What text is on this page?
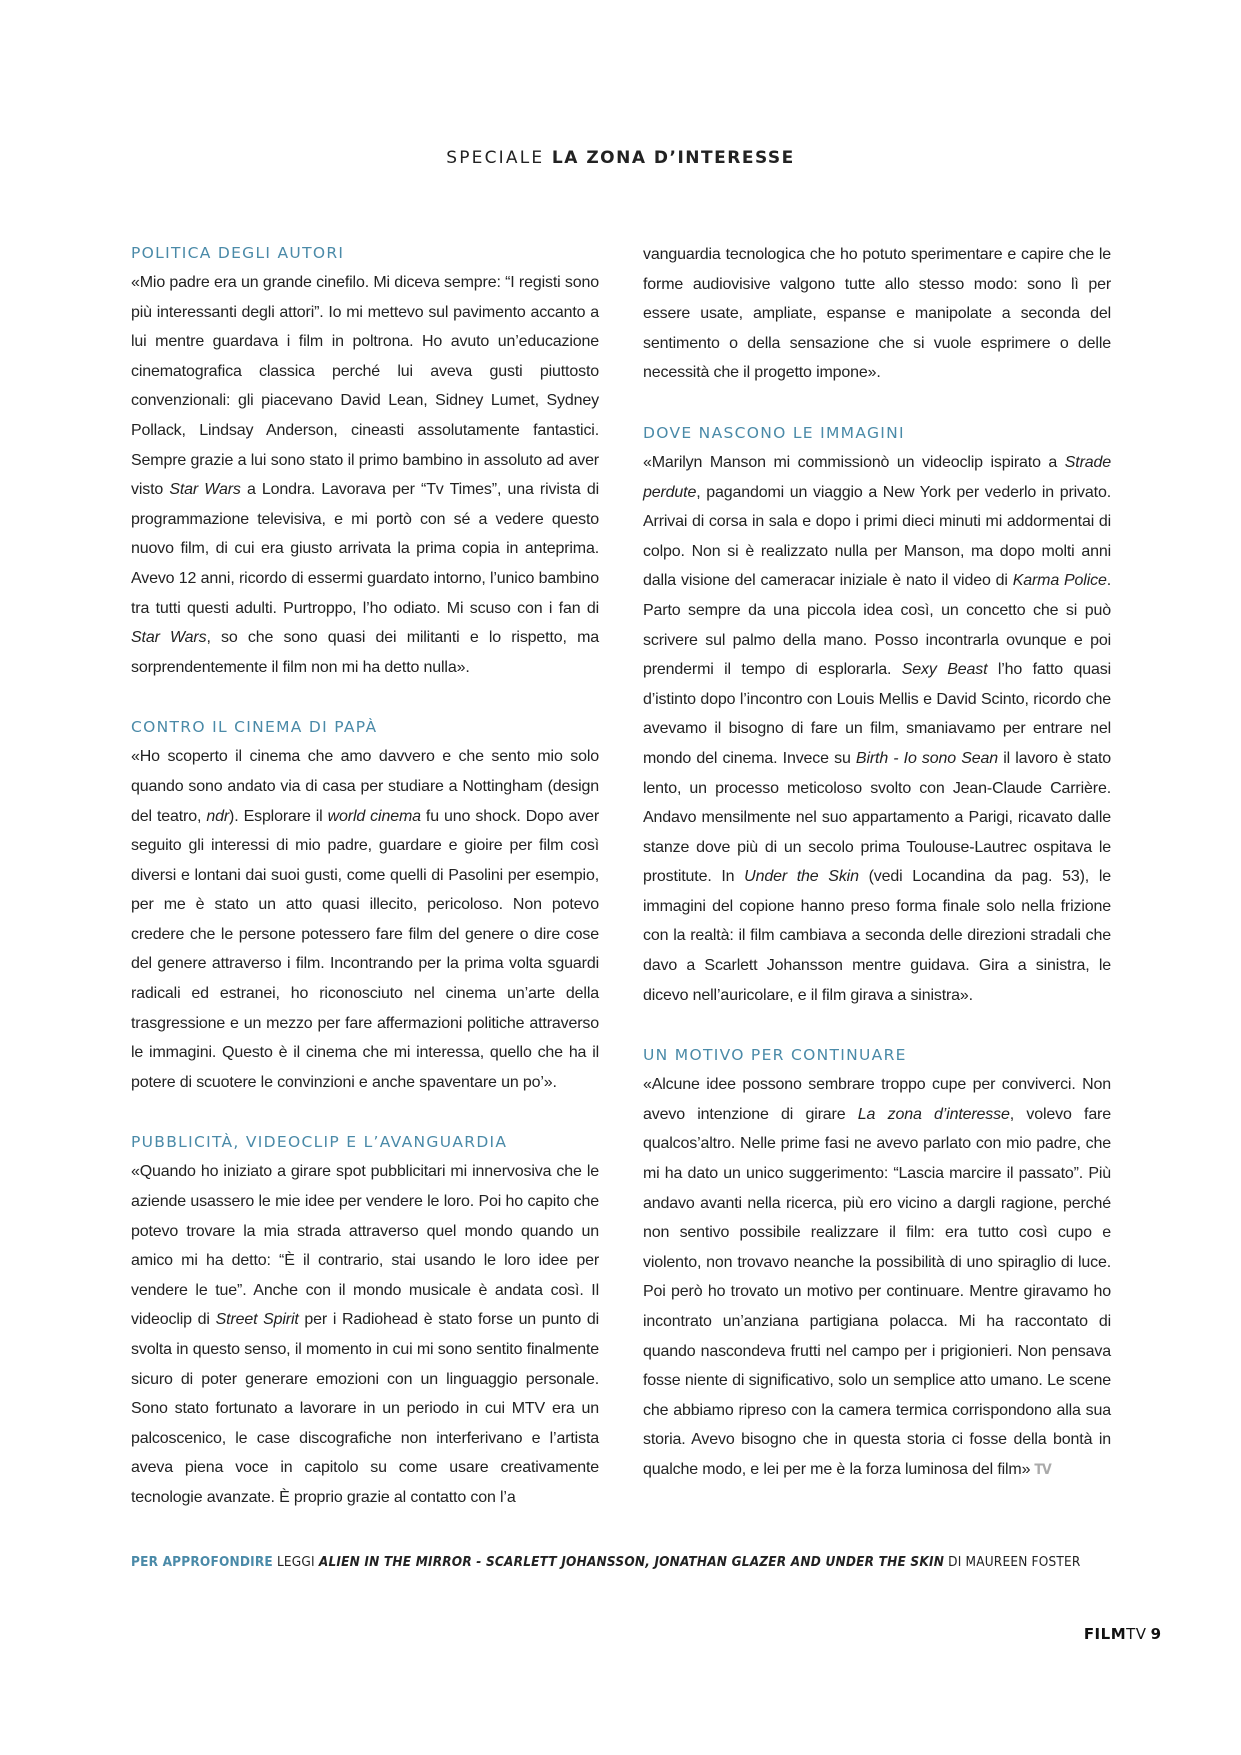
SPECIALE LA ZONA D’INTERESSE
POLITICA DEGLI AUTORI

«Mio padre era un grande cinefilo. Mi diceva sempre: “I registi sono più interessanti degli attori”. Io mi mettevo sul pavimento accanto a lui mentre guardava i film in poltrona. Ho avuto un’educazione cinematografica classica perché lui aveva gusti piuttosto convenzionali: gli piacevano David Lean, Sidney Lumet, Sydney Pollack, Lindsay Anderson, cineasti assolutamente fantastici. Sempre grazie a lui sono stato il primo bambino in assoluto ad aver visto Star Wars a Londra. Lavorava per “Tv Times”, una rivista di programmazione televisiva, e mi portò con sé a vedere questo nuovo film, di cui era giusto arrivata la prima copia in anteprima. Avevo 12 anni, ricordo di essermi guardato intorno, l’unico bambino tra tutti questi adulti. Purtroppo, l’ho odiato. Mi scuso con i fan di Star Wars, so che sono quasi dei militanti e lo rispetto, ma sorprendentemente il film non mi ha detto nulla».

CONTRO IL CINEMA DI PAPÀ

«Ho scoperto il cinema che amo davvero e che sento mio solo quando sono andato via di casa per studiare a Nottingham (design del teatro, ndr). Esplorare il world cinema fu uno shock. Dopo aver seguito gli interessi di mio padre, guardare e gioire per film così diversi e lontani dai suoi gusti, come quelli di Pasolini per esempio, per me è stato un atto quasi illecito, pericoloso. Non potevo credere che le persone potessero fare film del genere o dire cose del genere attraverso i film. Incontrando per la prima volta sguardi radicali ed estranei, ho riconosciuto nel cinema un’arte della trasgressione e un mezzo per fare affermazioni politiche attraverso le immagini. Questo è il cinema che mi interessa, quello che ha il potere di scuotere le convinzioni e anche spaventare un po’».

PUBBLICITÀ, VIDEOCLIP E L’AVANGUARDIA

«Quando ho iniziato a girare spot pubblicitari mi innervosiva che le aziende usassero le mie idee per vendere le loro. Poi ho capito che potevo trovare la mia strada attraverso quel mondo quando un amico mi ha detto: “È il contrario, stai usando le loro idee per vendere le tue”. Anche con il mondo musicale è andata così. Il videoclip di Street Spirit per i Radiohead è stato forse un punto di svolta in questo senso, il momento in cui mi sono sentito finalmente sicuro di poter generare emozioni con un linguaggio personale. Sono stato fortunato a lavorare in un periodo in cui MTV era un palcoscenico, le case discografiche non interferivano e l’artista aveva piena voce in capitolo su come usare creativamente tecnologie avanzate. È proprio grazie al contatto con l’a

vanguardia tecnologica che ho potuto sperimentare e capire che le forme audiovisive valgono tutte allo stesso modo: sono lì per essere usate, ampliate, espanse e manipolate a seconda del sentimento o della sensazione che si vuole esprimere o delle necessità che il progetto impone».

DOVE NASCONO LE IMMAGINI

«Marilyn Manson mi commissionò un videoclip ispirato a Strade perdute, pagandomi un viaggio a New York per vederlo in privato. Arrivai di corsa in sala e dopo i primi dieci minuti mi addormentai di colpo. Non si è realizzato nulla per Manson, ma dopo molti anni dalla visione del cameracar iniziale è nato il video di Karma Police. Parto sempre da una piccola idea così, un concetto che si può scrivere sul palmo della mano. Posso incontrarla ovunque e poi prendermi il tempo di esplorarla. Sexy Beast l’ho fatto quasi d’istinto dopo l’incontro con Louis Mellis e David Scinto, ricordo che avevamo il bisogno di fare un film, smaniavamo per entrare nel mondo del cinema. Invece su Birth - Io sono Sean il lavoro è stato lento, un processo meticoloso svolto con Jean-Claude Carrière. Andavo mensilmente nel suo appartamento a Parigi, ricavato dalle stanze dove più di un secolo prima Toulouse-Lautrec ospitava le prostitute. In Under the Skin (vedi Locandina da pag. 53), le immagini del copione hanno preso forma finale solo nella frizione con la realtà: il film cambiava a seconda delle direzioni stradali che davo a Scarlett Johansson mentre guidava. Gira a sinistra, le dicevo nell’auricolare, e il film girava a sinistra».

UN MOTIVO PER CONTINUARE

«Alcune idee possono sembrare troppo cupe per conviverci. Non avevo intenzione di girare La zona d’interesse, volevo fare qualcos’altro. Nelle prime fasi ne avevo parlato con mio padre, che mi ha dato un unico suggerimento: “Lascia marcire il passato”. Più andavo avanti nella ricerca, più ero vicino a dargli ragione, perché non sentivo possibile realizzare il film: era tutto così cupo e violento, non trovavo neanche la possibilità di uno spiraglio di luce. Poi però ho trovato un motivo per continuare. Mentre giravamo ho incontrato un’anziana partigiana polacca. Mi ha raccontato di quando nascondeva frutti nel campo per i prigionieri. Non pensava fosse niente di significativo, solo un semplice atto umano. Le scene che abbiamo ripreso con la camera termica corrispondono alla sua storia. Avevo bisogno che in questa storia ci fosse della bontà in qualche modo, e lei per me è la forza luminosa del film» TV

PER APPROFONDIRE LEGGI ALIEN IN THE MIRROR - SCARLETT JOHANSSON, JONATHAN GLAZER AND UNDER THE SKIN DI MAUREEN FOSTER
FILMTV 9
